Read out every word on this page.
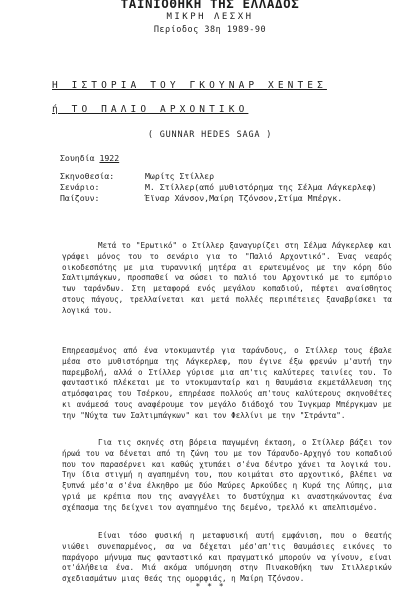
ΤΑΙΝΙΟΘΗΚΗ ΤΗΣ ΕΛΛΑΔΟΣ
ΜΙΚΡΗ ΛΕΣΧΗ
Περίοδος 38η 1989-90
Η ΙΣΤΟΡΙΑ ΤΟΥ ΓΚΟΥΝΑΡ ΧΕΝΤΕΣ
ή ΤΟ ΠΑΛΙΟ ΑΡΧΟΝΤΙΚΟ
( GUNNAR HEDES SAGA )
Σουηδία 1922
Σκηνοθεσία:	Μωρίτς Στίλλερ
Σενάριο:	Μ. Στίλλερ(από μυθιστόρημα της Σέλμα Λάγκερλεφ)
Παίζουν:	Έϊναρ Χάνσον,Μαίρη Τζόνσον,Στίμα Μπέργκ.

Μετά το "Ερωτικό" ο Στίλλερ ξαναγυρίζει στη Σέλμα Λάγκερλεφ και γράφει μόνος του το σενάριο για το "Παλιό Αρχοντικό". Ένας νεαρός οικοδεσπότης με μια τυραννική μητέρα αι ερωτευμένος με την κόρη δύο Σαλτιμπάγκων, προσπαθεί να σώσει το παλιό του Αρχοντικό με το εμπόριο των ταράνδων. Στη μεταφορά ενός μεγάλου κοπαδιού, πέφτει αναίσθητος στους πάγους, τρελλαίνεται και μετά πολλές περιπέτειες ξαναβρίσκει τα λογικά του.

Επηρεασμένος από ένα ντοκυμαντέρ για ταράνδους, ο Στίλλερ τους έβαλε μέσα στο μυθιστόρημα της Λάγκερλεφ, που έγινε έξω φρενών μ'αυτή την παρεμβολή, αλλά ο Στίλλερ γύρισε μια απ'τις καλύτερες ταινίες του. Το φανταστικό πλέκεται με το ντοκυμανταίρ και η θαυμάσια εκμετάλλευση της ατμόσφαιρας του Τσέρκου, επηρέασε πολλούς απ'τους καλύτερους σκηνοθέτες κι ανάμεσά τους αναφέρουμε τον μεγάλο διάδοχό του Ίνγκμαρ Μπέργκμαν με την "Νύχτα των Σαλτιμπάγκων" και τον Φελλίνι με την "Στράντα".

Για τις σκηνές στη βόρεια παγωμένη έκταση, ο Στίλλερ βάζει τον ήρωά του να δένεται από τη ζώνη του με τον Τάρανδο-Αρχηγό του κοπαδιού που τον παρασέρνει και καθώς χτυπάει σ'ένα δέντρο χάνει τα λογικά του. Την ίδια στιγμή η αγαπημένη του, που κοιμάται στο αρχοντικό, βλέπει να ξυπνά μέσ'α σ'ένα έλκηθρο με δύο Μαύρες Αρκούδες η Κυρά της Λύπης, μια γριά με κρέπια που της αναγγέλει το δυστύχημα κι αναστηκώνοντας ένα σχέπασμα της δείχνει τον αγαπημένο της δεμένο, τρελλό κι απελπισμένο.

Είναι τόσο φυσική η μεταφυσική αυτή εμφάνιση, που ο θεατής νιώθει συνεπαρμένος, σα να δέχεται μέσ'απ'τις θαυμάσιες εικόνες το παράγορο μήνυμα πως φανταστικό και πραγματικό μπορούν να γίνουν, είναι οτ'άλήθεια ένα. Μιά ακόμα υπόμνηση στην Πινακοθήκη των Στιλλερικών σχεδιασμάτων μιας θεάς της ομορφιάς, η Μαίρη Τζόνσον.

* * *
